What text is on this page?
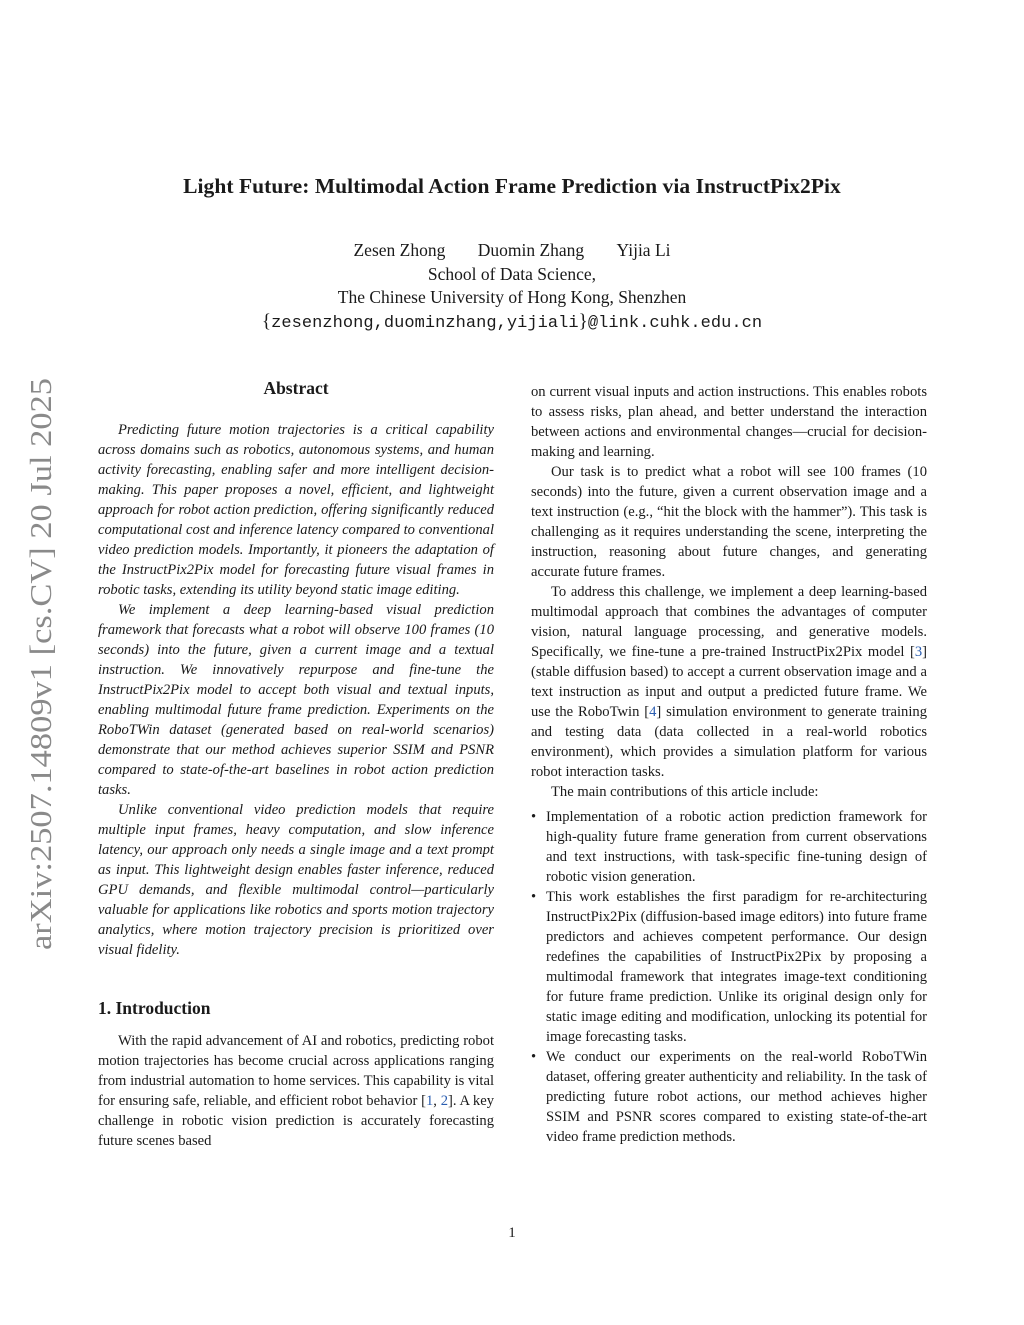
arXiv:2507.14809v1 [cs.CV] 20 Jul 2025
Light Future: Multimodal Action Frame Prediction via InstructPix2Pix
Zesen Zhong Duomin Zhang Yijia Li
School of Data Science,
The Chinese University of Hong Kong, Shenzhen
{zesenzhong,duominzhang,yijiali}@link.cuhk.edu.cn
Abstract

Predicting future motion trajectories is a critical capability across domains such as robotics, autonomous systems, and human activity forecasting, enabling safer and more intelligent decision-making. This paper proposes a novel, efficient, and lightweight approach for robot action prediction, offering significantly reduced computational cost and inference latency compared to conventional video prediction models. Importantly, it pioneers the adaptation of the InstructPix2Pix model for forecasting future visual frames in robotic tasks, extending its utility beyond static image editing.

We implement a deep learning-based visual prediction framework that forecasts what a robot will observe 100 frames (10 seconds) into the future, given a current image and a textual instruction. We innovatively repurpose and fine-tune the InstructPix2Pix model to accept both visual and textual inputs, enabling multimodal future frame prediction. Experiments on the RoboTWin dataset (generated based on real-world scenarios) demonstrate that our method achieves superior SSIM and PSNR compared to state-of-the-art baselines in robot action prediction tasks.

Unlike conventional video prediction models that require multiple input frames, heavy computation, and slow inference latency, our approach only needs a single image and a text prompt as input. This lightweight design enables faster inference, reduced GPU demands, and flexible multimodal control—particularly valuable for applications like robotics and sports motion trajectory analytics, where motion trajectory precision is prioritized over visual fidelity.

1. Introduction

With the rapid advancement of AI and robotics, predicting robot motion trajectories has become crucial across applications ranging from industrial automation to home services. This capability is vital for ensuring safe, reliable, and efficient robot behavior [1, 2]. A key challenge in robotic vision prediction is accurately forecasting future scenes based

on current visual inputs and action instructions. This enables robots to assess risks, plan ahead, and better understand the interaction between actions and environmental changes—crucial for decision-making and learning.

Our task is to predict what a robot will see 100 frames (10 seconds) into the future, given a current observation image and a text instruction (e.g., “hit the block with the hammer”). This task is challenging as it requires understanding the scene, interpreting the instruction, reasoning about future changes, and generating accurate future frames.

To address this challenge, we implement a deep learning-based multimodal approach that combines the advantages of computer vision, natural language processing, and generative models. Specifically, we fine-tune a pre-trained InstructPix2Pix model [3] (stable diffusion based) to accept a current observation image and a text instruction as input and output a predicted future frame. We use the RoboTwin [4] simulation environment to generate training and testing data (data collected in a real-world robotics environment), which provides a simulation platform for various robot interaction tasks.

The main contributions of this article include:

• Implementation of a robotic action prediction framework for high-quality future frame generation from current observations and text instructions, with task-specific fine-tuning design of robotic vision generation.
• This work establishes the first paradigm for re-architecturing InstructPix2Pix (diffusion-based image editors) into future frame predictors and achieves competent performance. Our design redefines the capabilities of InstructPix2Pix by proposing a multimodal framework that integrates image-text conditioning for future frame prediction. Unlike its original design only for static image editing and modification, unlocking its potential for image forecasting tasks.
• We conduct our experiments on the real-world RoboTWin dataset, offering greater authenticity and reliability. In the task of predicting future robot actions, our method achieves higher SSIM and PSNR scores compared to existing state-of-the-art video frame prediction methods.
1
